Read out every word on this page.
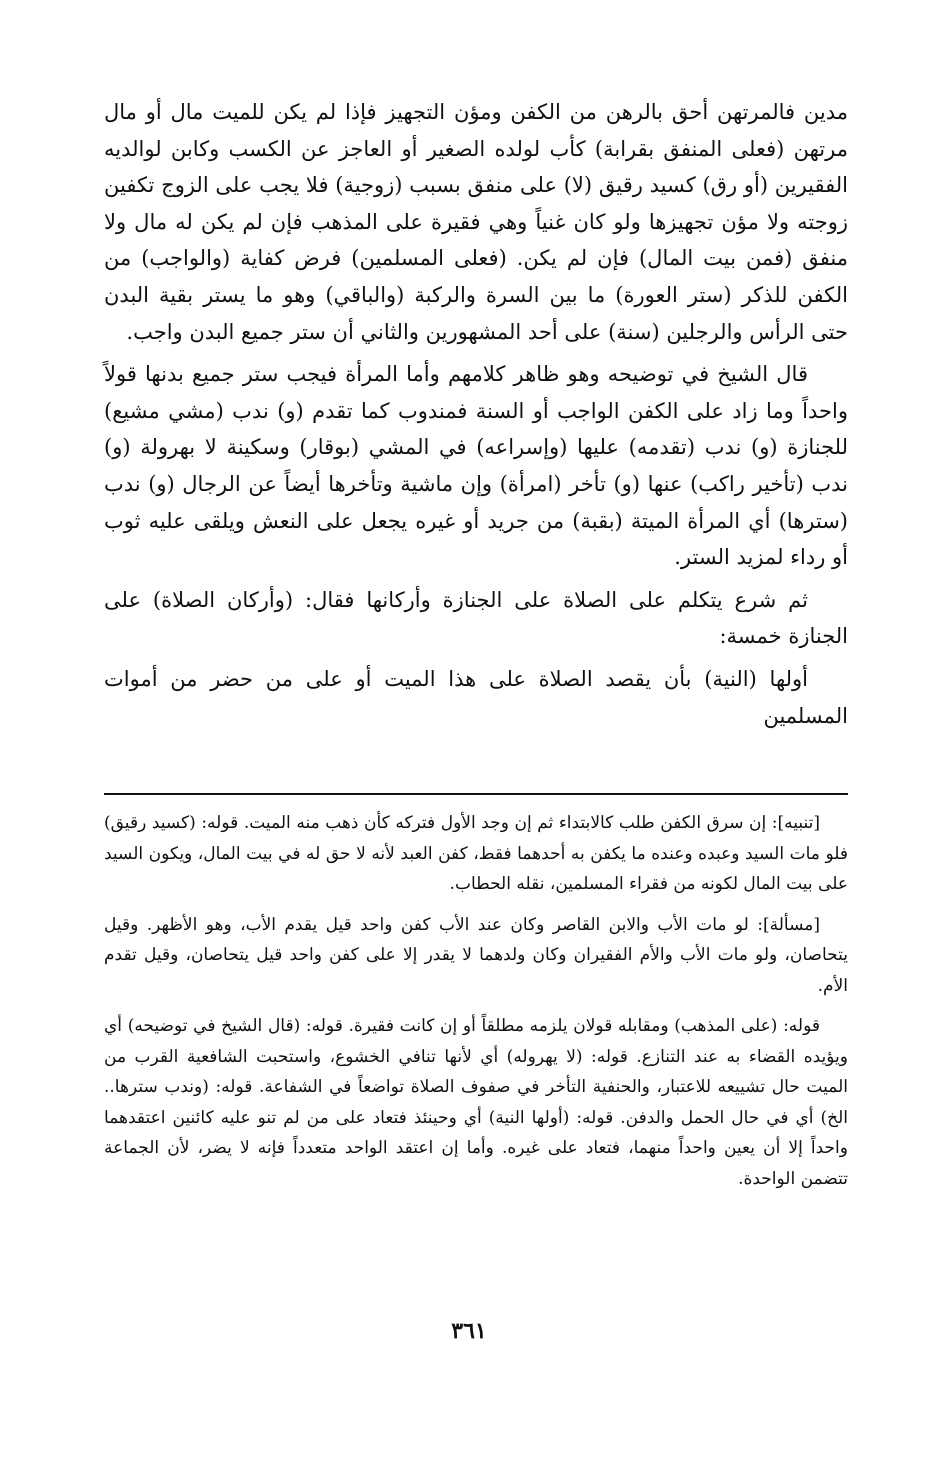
مدين فالمرتهن أحق بالرهن من الكفن ومؤن التجهيز فإذا لم يكن للميت مال أو مال مرتهن (فعلى المنفق بقرابة) كأب لولده الصغير أو العاجز عن الكسب وكابن لوالديه الفقيرين (أو رق) كسيد رقيق (لا) على منفق بسبب (زوجية) فلا يجب على الزوج تكفين زوجته ولا مؤن تجهيزها ولو كان غنياً وهي فقيرة على المذهب فإن لم يكن له مال ولا منفق (فمن بيت المال) فإن لم يكن. (فعلى المسلمين) فرض كفاية (والواجب) من الكفن للذكر (ستر العورة) ما بين السرة والركبة (والباقي) وهو ما يستر بقية البدن حتى الرأس والرجلين (سنة) على أحد المشهورين والثاني أن ستر جميع البدن واجب.

قال الشيخ في توضيحه وهو ظاهر كلامهم وأما المرأة فيجب ستر جميع بدنها قولاً واحداً وما زاد على الكفن الواجب أو السنة فمندوب كما تقدم (و) ندب (مشي مشيع) للجنازة (و) ندب (تقدمه) عليها (وإسراعه) في المشي (بوقار) وسكينة لا بهرولة (و) ندب (تأخير راكب) عنها (و) تأخر (امرأة) وإن ماشية وتأخرها أيضاً عن الرجال (و) ندب (سترها) أي المرأة الميتة (بقبة) من جريد أو غيره يجعل على النعش ويلقى عليه ثوب أو رداء لمزيد الستر.

ثم شرع يتكلم على الصلاة على الجنازة وأركانها فقال: (وأركان الصلاة) على الجنازة خمسة:

أولها (النية) بأن يقصد الصلاة على هذا الميت أو على من حضر من أموات المسلمين

[تنبيه]: إن سرق الكفن طلب كالابتداء ثم إن وجد الأول فتركه كأن ذهب منه الميت. قوله: (كسيد رقيق) فلو مات السيد وعبده وعنده ما يكفن به أحدهما فقط، كفن العبد لأنه لا حق له في بيت المال، ويكون السيد على بيت المال لكونه من فقراء المسلمين، نقله الحطاب.

[مسألة]: لو مات الأب والابن القاصر وكان عند الأب كفن واحد قيل يقدم الأب، وهو الأظهر. وقيل يتحاصان، ولو مات الأب والأم الفقيران وكان ولدهما لا يقدر إلا على كفن واحد قيل يتحاصان، وقيل تقدم الأم.

قوله: (على المذهب) ومقابله قولان يلزمه مطلقاً أو إن كانت فقيرة. قوله: (قال الشيخ في توضيحه) أي ويؤيده القضاء به عند التنازع. قوله: (لا يهروله) أي لأنها تنافي الخشوع، واستحبت الشافعية القرب من الميت حال تشييعه للاعتبار، والحنفية التأخر في صفوف الصلاة تواضعاً في الشفاعة. قوله: (وندب سترها.. الخ) أي في حال الحمل والدفن. قوله: (أولها النية) أي وحينئذ فتعاد على من لم تنو عليه كائنين اعتقدهما واحداً إلا أن يعين واحداً منهما، فتعاد على غيره. وأما إن اعتقد الواحد متعدداً فإنه لا يضر، لأن الجماعة تتضمن الواحدة.

٣٦١
